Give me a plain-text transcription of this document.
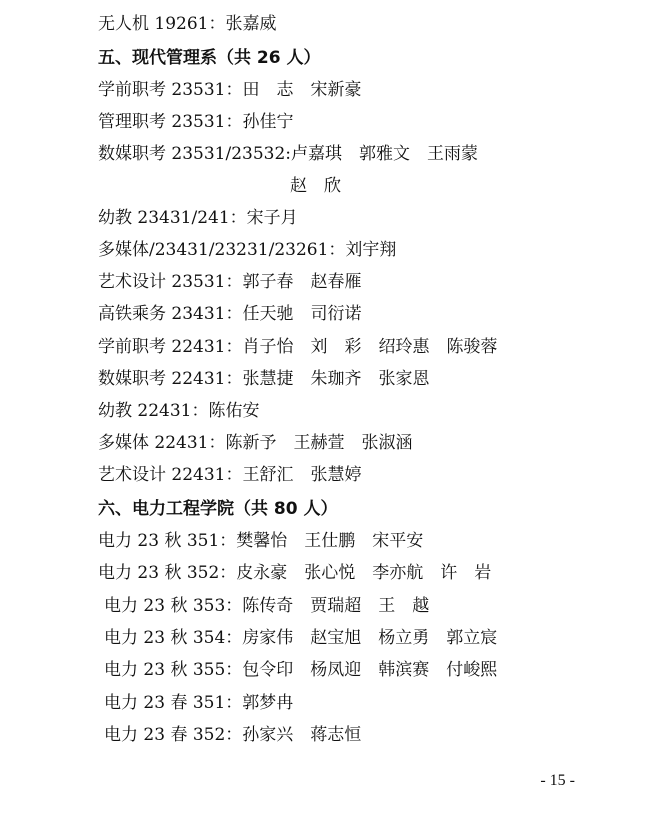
无人机 19261：张嘉威
五、现代管理系（共 26 人）
学前职考 23531：田　志　宋新豪
管理职考 23531：孙佳宁
数媒职考 23531/23532:卢嘉琪　郭雅文　王雨蒙
赵　欣
幼教 23431/241：宋子月
多媒体/23431/23231/23261：刘宇翔
艺术设计 23531：郭子春　赵春雁
高铁乘务 23431：任天驰　司衍诺
学前职考 22431：肖子怡　刘　彩　绍玲惠　陈骏蓉
数媒职考 22431：张慧捷　朱珈齐　张家恩
幼教 22431：陈佑安
多媒体 22431：陈新予　王赫萱　张淑涵
艺术设计 22431：王舒汇　张慧婷
六、电力工程学院（共 80 人）
电力 23 秋 351：樊馨怡　王仕鹏　宋平安
电力 23 秋 352：皮永豪　张心悦　李亦航　许　岩
电力 23 秋 353：陈传奇　贾瑞超　王　越
电力 23 秋 354：房家伟　赵宝旭　杨立勇　郭立宸
电力 23 秋 355：包令印　杨凤迎　韩滨赛　付峻熙
电力 23 春 351：郭梦冉
电力 23 春 352：孙家兴　蒋志恒
- 15 -
